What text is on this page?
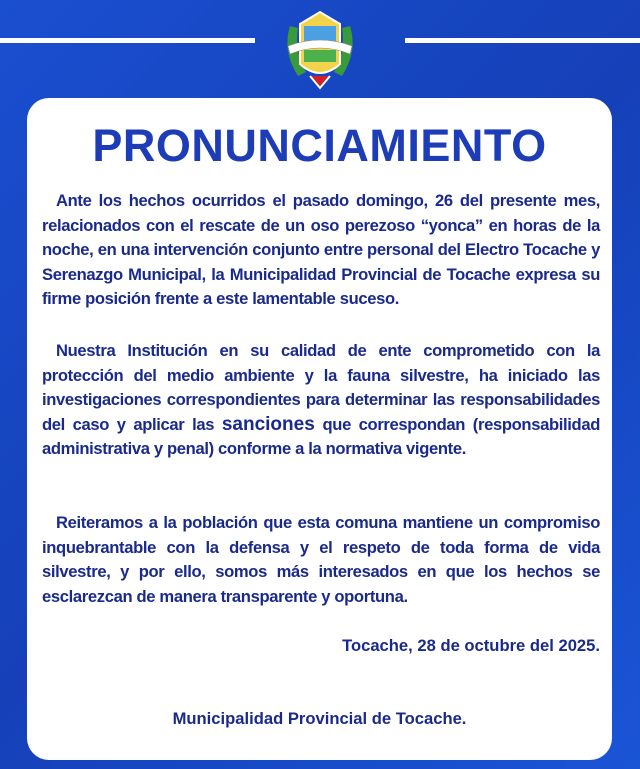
PRONUNCIAMIENTO
Ante los hechos ocurridos el pasado domingo, 26 del presente mes, relacionados con el rescate de un oso perezoso “yonca” en horas de la noche, en una intervención conjunto entre personal del Electro Tocache y Serenazgo Municipal, la Municipalidad Provincial de Tocache expresa su firme posición frente a este lamentable suceso.
Nuestra Institución en su calidad de ente comprometido con la protección del medio ambiente y la fauna silvestre, ha iniciado las investigaciones correspondientes para determinar las responsabilidades del caso y aplicar las sanciones que correspondan (responsabilidad administrativa y penal) conforme a la normativa vigente.
Reiteramos a la población que esta comuna mantiene un compromiso inquebrantable con la defensa y el respeto de toda forma de vida silvestre, y por ello, somos más interesados en que los hechos se esclarezcan de manera transparente y oportuna.
Tocache, 28 de octubre del 2025.
Municipalidad Provincial de Tocache.
